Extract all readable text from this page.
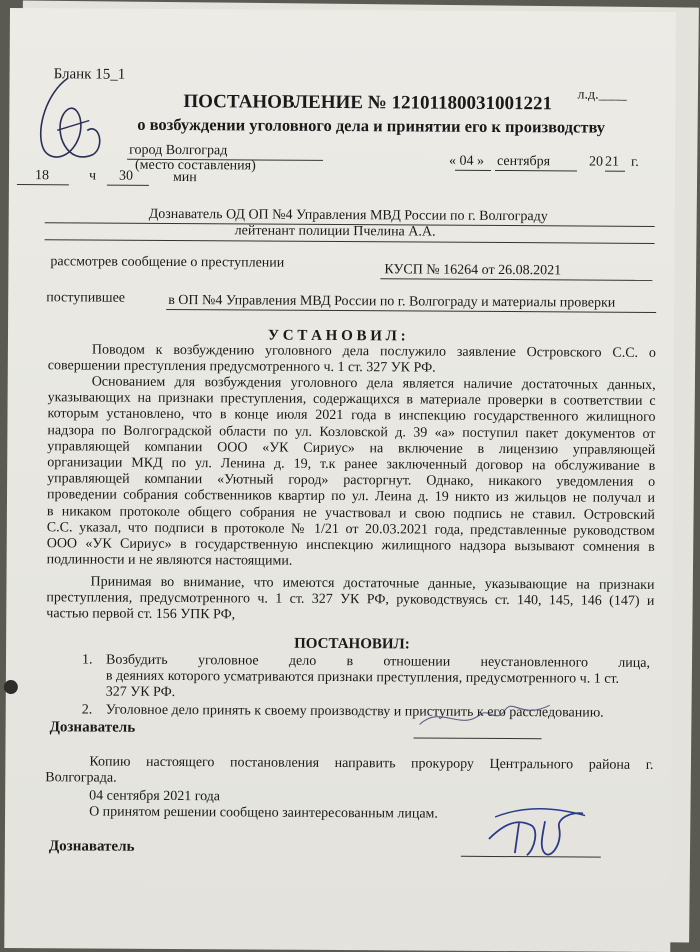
Бланк 15_1
л.д.____
ПОСТАНОВЛЕНИЕ № 12101180031001221
о возбуждении уголовного дела и принятии его к производству
город Волгоград
(место составления)	« 04 » сентября	20 21 г.
18	ч 30	мин
Дознаватель ОД ОП №4 Управления МВД России по г. Волгограду
лейтенант полиции Пчелина А.А.
рассмотрев сообщение о преступлении	КУСП № 16264 от 26.08.2021
поступившее	в ОП №4 Управления МВД России по г. Волгограду и материалы проверки
У С Т А Н О В И Л :
Поводом к возбуждению уголовного дела послужило заявление Островского С.С. о
совершении преступления предусмотренного ч. 1 ст. 327 УК РФ.
Основанием для возбуждения уголовного дела является наличие достаточных данных,
указывающих на признаки преступления, содержащихся в материале проверки в соответствии с
которым установлено, что в конце июля 2021 года в инспекцию государственного жилищного
надзора по Волгоградской области по ул. Козловской д. 39 «а» поступил пакет документов от
управляющей компании ООО «УК Сириус» на включение в лицензию управляющей
организации МКД по ул. Ленина д. 19, т.к ранее заключенный договор на обслуживание в
управляющей компании «Уютный город» расторгнут. Однако, никакого уведомления о
проведении собрания собственников квартир по ул. Леина д. 19 никто из жильцов не получал и
в никаком протоколе общего собрания не участвовал и свою подпись не ставил. Островский
С.С. указал, что подписи в протоколе № 1/21 от 20.03.2021 года, представленные руководством
ООО «УК Сириус» в государственную инспекцию жилищного надзора вызывают сомнения в
подлинности и не являются настоящими.
Принимая во внимание, что имеются достаточные данные, указывающие на признаки
преступления, предусмотренного ч. 1 ст. 327 УК РФ, руководствуясь ст. 140, 145, 146 (147) и
частью первой ст. 156 УПК РФ,
ПОСТАНОВИЛ:
1. Возбудить уголовное дело в отношении неустановленного лица,
в деяниях которого усматриваются признаки преступления, предусмотренного ч. 1 ст.
327 УК РФ.
2. Уголовное дело принять к своему производству и приступить к его расследованию.
Дознаватель
Копию настоящего постановления направить прокурору Центрального района г.
Волгограда.
04 сентября 2021 года
О принятом решении сообщено заинтересованным лицам.
Дознаватель
